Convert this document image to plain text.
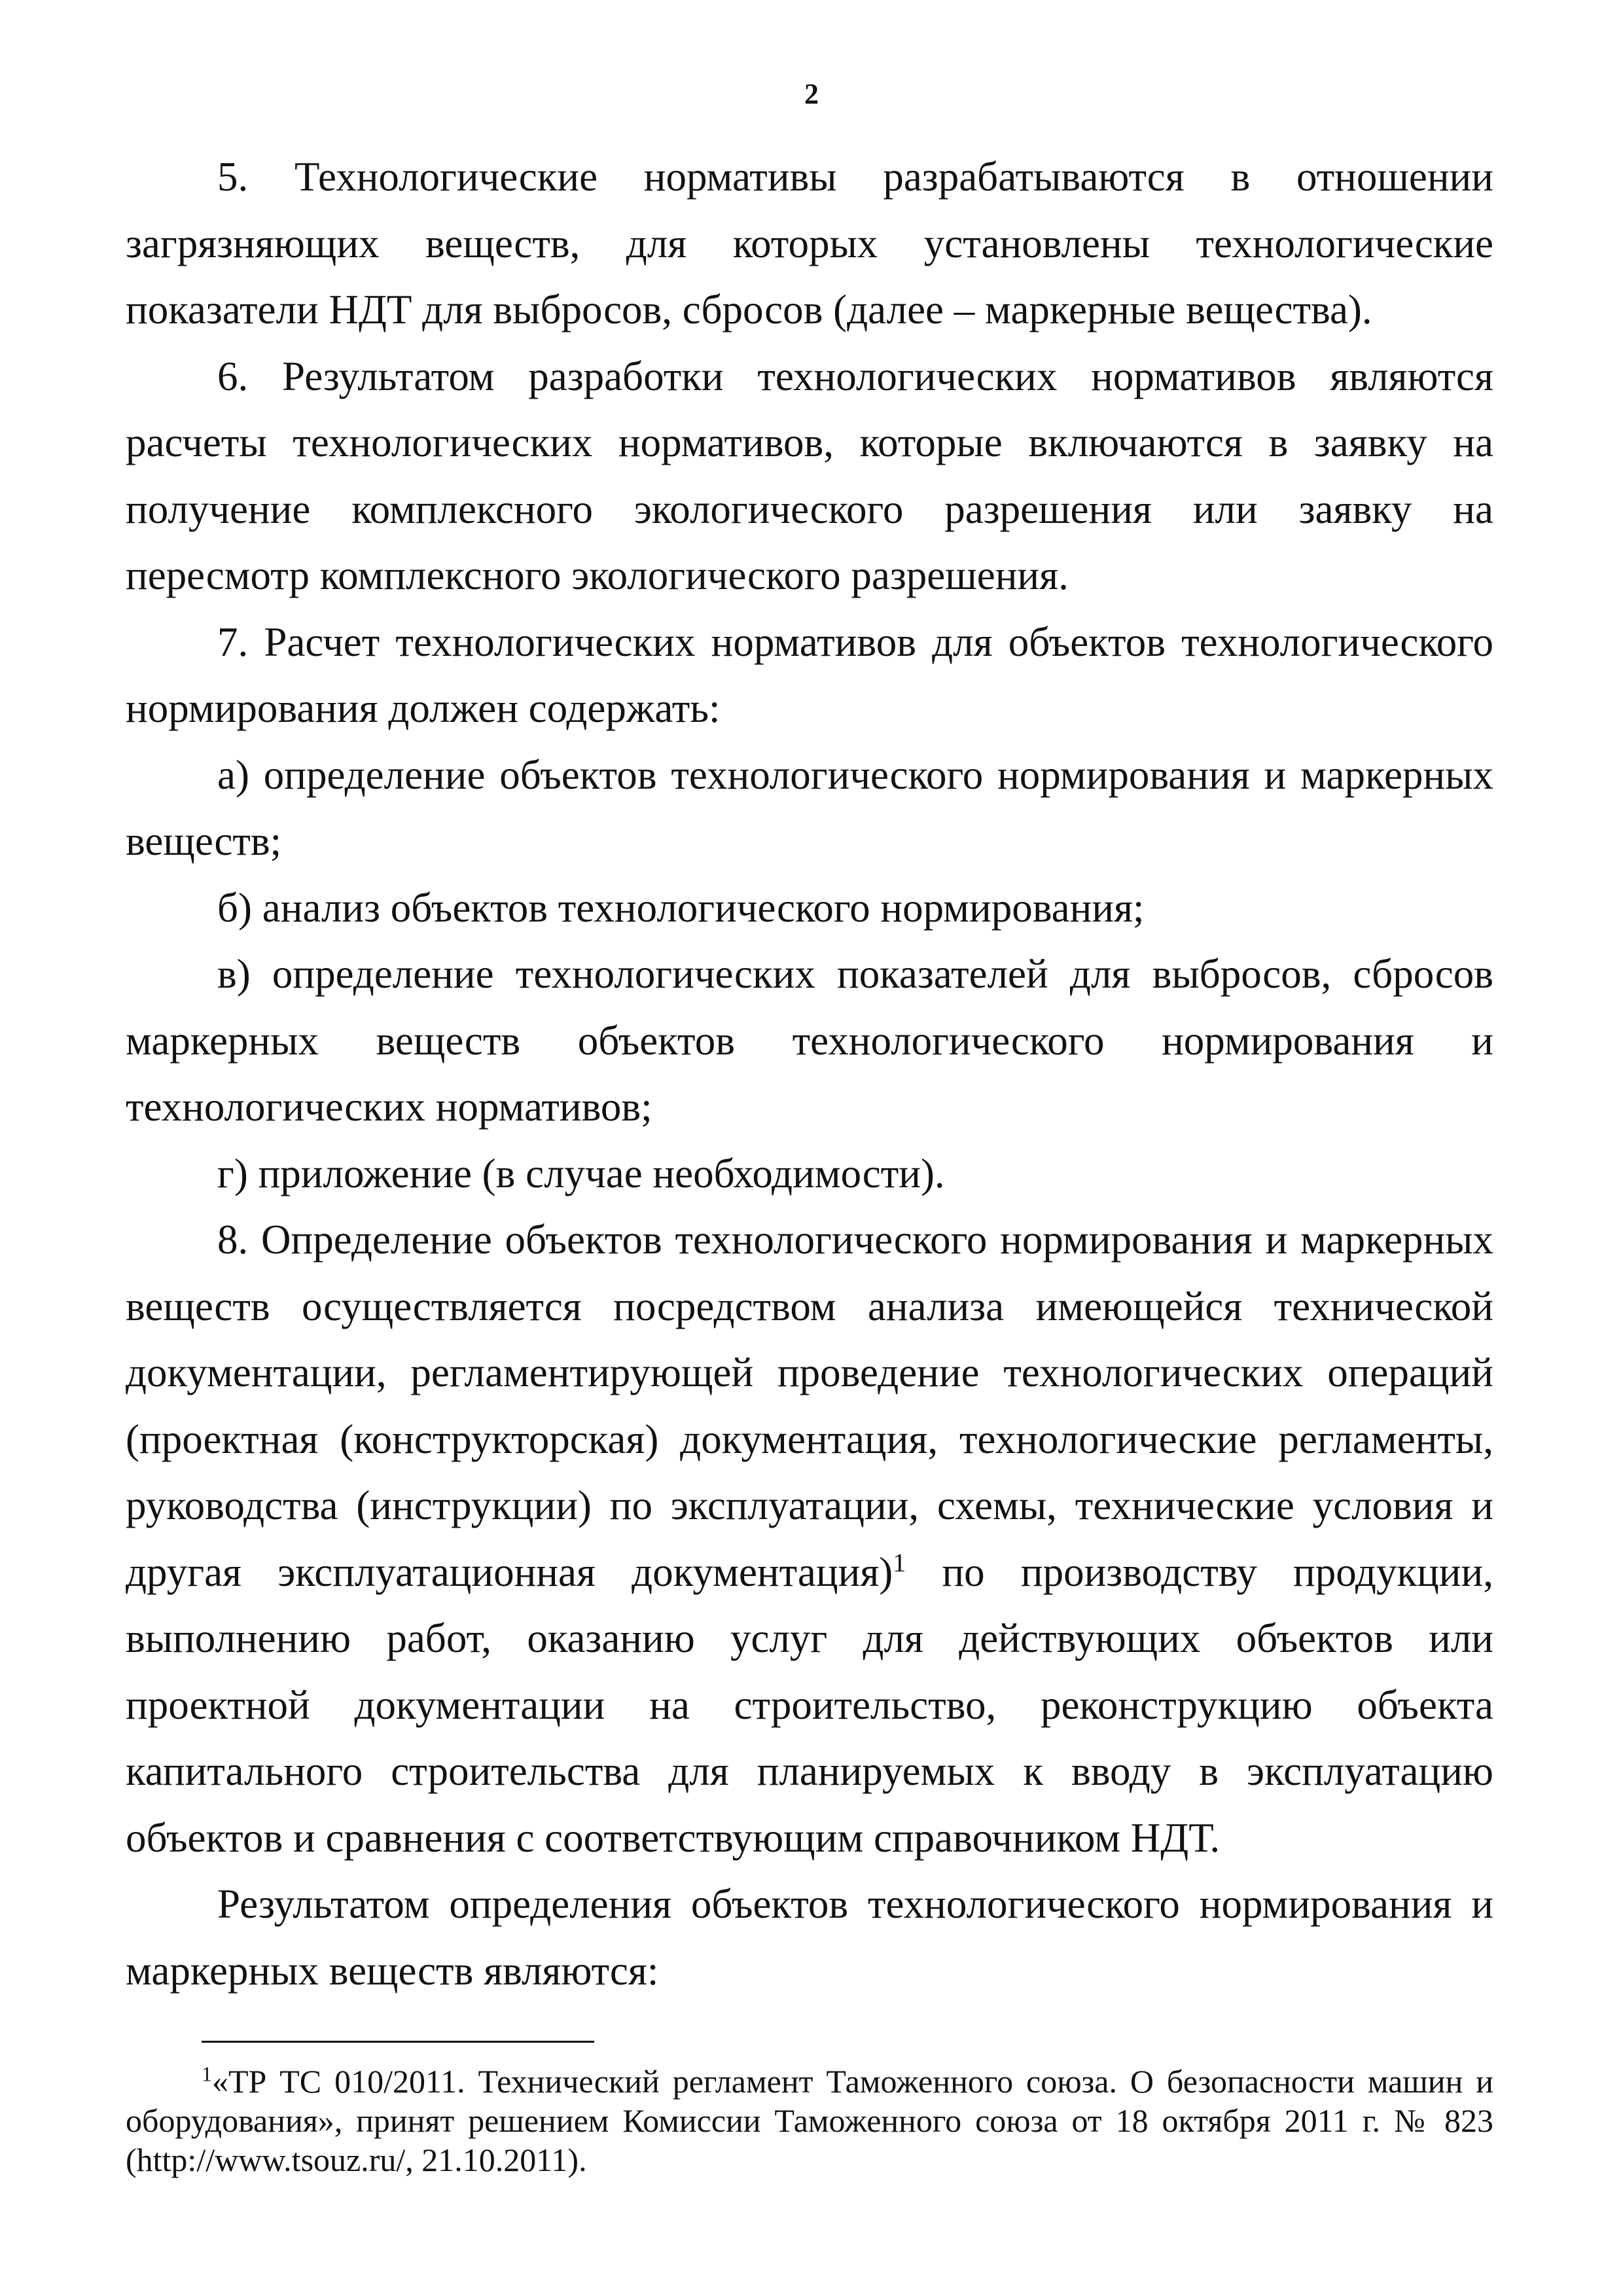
2

5. Технологические нормативы разрабатываются в отношении загрязняющих веществ, для которых установлены технологические показатели НДТ для выбросов, сбросов (далее – маркерные вещества).

6. Результатом разработки технологических нормативов являются расчеты технологических нормативов, которые включаются в заявку на получение комплексного экологического разрешения или заявку на пересмотр комплексного экологического разрешения.

7. Расчет технологических нормативов для объектов технологического нормирования должен содержать:

а) определение объектов технологического нормирования и маркерных веществ;

б) анализ объектов технологического нормирования;

в) определение технологических показателей для выбросов, сбросов маркерных веществ объектов технологического нормирования и технологических нормативов;

г) приложение (в случае необходимости).

8. Определение объектов технологического нормирования и маркерных веществ осуществляется посредством анализа имеющейся технической документации, регламентирующей проведение технологических операций (проектная (конструкторская) документация, технологические регламенты, руководства (инструкции) по эксплуатации, схемы, технические условия и другая эксплуатационная документация)$^1$ по производству продукции, выполнению работ, оказанию услуг для действующих объектов или проектной документации на строительство, реконструкцию объекта капитального строительства для планируемых к вводу в эксплуатацию объектов и сравнения с соответствующим справочником НДТ.

Результатом определения объектов технологического нормирования и маркерных веществ являются:

$^1$«ТР ТС 010/2011. Технический регламент Таможенного союза. О безопасности машин и оборудования», принят решением Комиссии Таможенного союза от 18 октября 2011 г. № 823 (http://www.tsouz.ru/, 21.10.2011).
